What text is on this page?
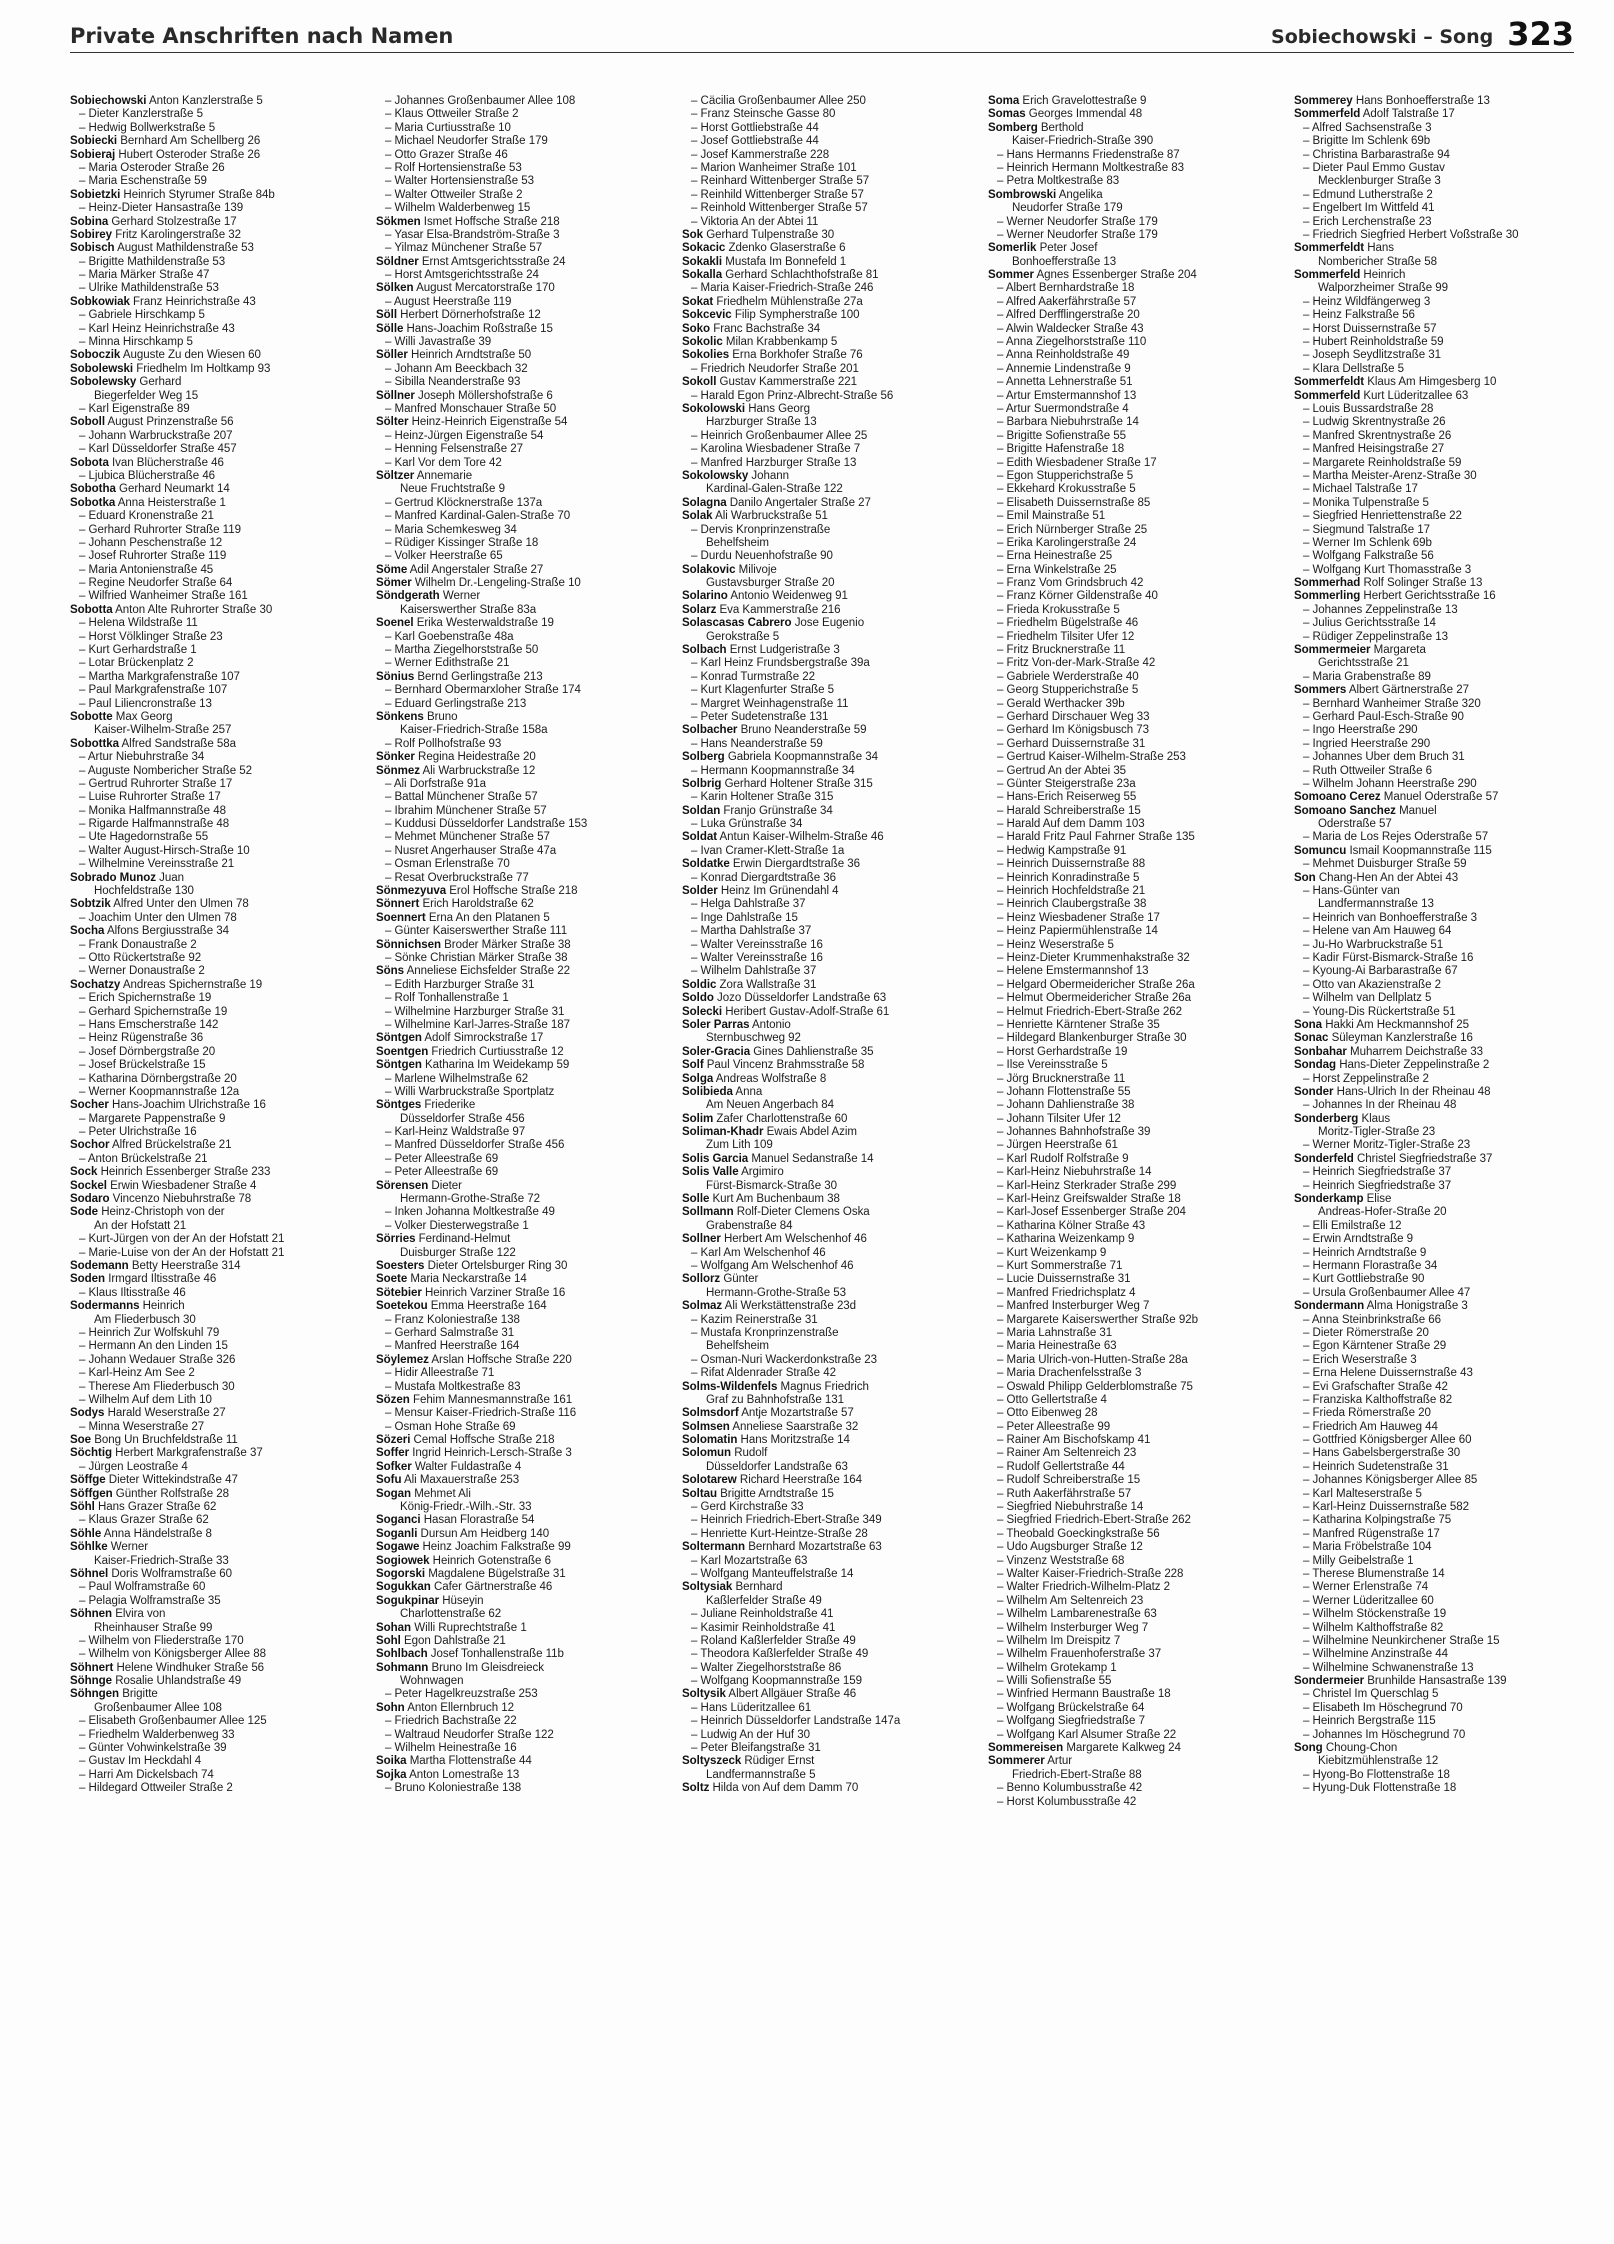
Private Anschriften nach Namen	Sobiechowski – Song 323
Sobiechowski Anton Kanzlerstraße 5
– Dieter Kanzlerstraße 5
– Hedwig Bollwerkstraße 5
Sobiecki Bernhard Am Schellberg 26
Sobieraj Hubert Osteroder Straße 26
– Maria Osteroder Straße 26
– Maria Eschenstraße 59
Sobietzki Heinrich Styrumer Straße 84b
– Heinz-Dieter Hansastraße 139
Sobina Gerhard Stolzestraße 17
Sobirey Fritz Karolingerstraße 32
Sobisch August Mathildenstraße 53
– Brigitte Mathildenstraße 53
– Maria Märker Straße 47
– Ulrike Mathildenstraße 53
Sobkowiak Franz Heinrichstraße 43
– Gabriele Hirschkamp 5
– Karl Heinz Heinrichstraße 43
– Minna Hirschkamp 5
Soboczik Auguste Zu den Wiesen 60
Sobolewski Friedhelm Im Holtkamp 93
Sobolewsky Gerhard
Biegerfelder Weg 15
– Karl Eigenstraße 89
Soboll August Prinzenstraße 56
– Johann Warbruckstraße 207
– Karl Düsseldorfer Straße 457
Sobota Ivan Blücherstraße 46
– Ljubica Blücherstraße 46
Sobotha Gerhard Neumarkt 14
Sobotka Anna Heisterstraße 1
– Eduard Kronenstraße 21
– Gerhard Ruhrorter Straße 119
– Johann Peschenstraße 12
– Josef Ruhrorter Straße 119
– Maria Antonienstraße 45
– Regine Neudorfer Straße 64
– Wilfried Wanheimer Straße 161
Sobotta Anton Alte Ruhrorter Straße 30
– Helena Wildstraße 11
– Horst Völklinger Straße 23
– Kurt Gerhardstraße 1
– Lotar Brückenplatz 2
– Martha Markgrafenstraße 107
– Paul Markgrafenstraße 107
– Paul Liliencronstraße 13
Sobotte Max Georg
Kaiser-Wilhelm-Straße 257
Sobottka Alfred Sandstraße 58a
– Artur Niebuhrstraße 34
– Auguste Nombericher Straße 52
– Gertrud Ruhrorter Straße 17
– Luise Ruhrorter Straße 17
– Monika Halfmannstraße 48
– Rigarde Halfmannstraße 48
– Ute Hagedornstraße 55
– Walter August-Hirsch-Straße 10
– Wilhelmine Vereinsstraße 21
Sobrado Munoz Juan
Hochfeldstraße 130
Sobtzik Alfred Unter den Ulmen 78
– Joachim Unter den Ulmen 78
Socha Alfons Bergiusstraße 34
– Frank Donaustraße 2
– Otto Rückertstraße 92
– Werner Donaustraße 2
Sochatzy Andreas Spichernstraße 19
– Erich Spichernstraße 19
– Gerhard Spichernstraße 19
– Hans Emscherstraße 142
– Heinz Rügenstraße 36
– Josef Dörnbergstraße 20
– Josef Brückelstraße 15
– Katharina Dörnbergstraße 20
– Werner Koopmannstraße 12a
Socher Hans-Joachim Ulrichstraße 16
– Margarete Pappenstraße 9
– Peter Ulrichstraße 16
Sochor Alfred Brückelstraße 21
– Anton Brückelstraße 21
Sock Heinrich Essenberger Straße 233
Sockel Erwin Wiesbadener Straße 4
Sodaro Vincenzo Niebuhrstraße 78
Sode Heinz-Christoph von der
An der Hofstatt 21
– Kurt-Jürgen von der An der Hofstatt 21
– Marie-Luise von der An der Hofstatt 21
Sodemann Betty Heerstraße 314
Soden Irmgard Iltisstraße 46
– Klaus Iltisstraße 46
Sodermanns Heinrich
Am Fliederbusch 30
– Heinrich Zur Wolfskuhl 79
– Hermann An den Linden 15
– Johann Wedauer Straße 326
– Karl-Heinz Am See 2
– Therese Am Fliederbusch 30
– Wilhelm Auf dem Lith 10
Sodys Harald Weserstraße 27
– Minna Weserstraße 27
Soe Bong Un Bruchfeldstraße 11
Söchtig Herbert Markgrafenstraße 37
– Jürgen Leostraße 4
Söffge Dieter Wittekindstraße 47
Söffgen Günther Rolfstraße 28
Söhl Hans Grazer Straße 62
– Klaus Grazer Straße 62
Söhle Anna Händelstraße 8
Söhlke Werner
Kaiser-Friedrich-Straße 33
Söhnel Doris Wolframstraße 60
– Paul Wolframstraße 60
– Pelagia Wolframstraße 35
Söhnen Elvira von
Rheinhauser Straße 99
– Wilhelm von Fliederstraße 170
– Wilhelm von Königsberger Allee 88
Söhnert Helene Windhuker Straße 56
Söhnge Rosalie Uhlandstraße 49
Söhngen Brigitte
Großenbaumer Allee 108
– Elisabeth Großenbaumer Allee 125
– Friedhelm Walderbenweg 33
– Günter Vohwinkelstraße 39
– Gustav Im Heckdahl 4
– Harri Am Dickelsbach 74
– Hildegard Ottweiler Straße 2
– Johannes Großenbaumer Allee 108
– Klaus Ottweiler Straße 2
– Maria Curtiusstraße 10
– Michael Neudorfer Straße 179
– Otto Grazer Straße 46
– Rolf Hortensienstraße 53
– Walter Hortensienstraße 53
– Walter Ottweiler Straße 2
– Wilhelm Walderbenweg 15
Sökmen Ismet Hoffsche Straße 218
– Yasar Elsa-Brandström-Straße 3
– Yilmaz Münchener Straße 57
Söldner Ernst Amtsgerichtsstraße 24
– Horst Amtsgerichtsstraße 24
Sölken August Mercatorstraße 170
– August Heerstraße 119
Söll Herbert Dörnerhofstraße 12
Sölle Hans-Joachim Roßstraße 15
– Willi Javastraße 39
Söller Heinrich Arndtstraße 50
– Johann Am Beeckbach 32
– Sibilla Neanderstraße 93
Söllner Joseph Möllershofstraße 6
– Manfred Monschauer Straße 50
Sölter Heinz-Heinrich Eigenstraße 54
– Heinz-Jürgen Eigenstraße 54
– Henning Felsenstraße 27
– Karl Vor dem Tore 42
Söltzer Annemarie
Neue Fruchtstraße 9
– Gertrud Klöcknerstraße 137a
– Manfred Kardinal-Galen-Straße 70
– Maria Schemkesweg 34
– Rüdiger Kissinger Straße 18
– Volker Heerstraße 65
Söme Adil Angerstaler Straße 27
Sömer Wilhelm Dr.-Lengeling-Straße 10
Söndgerath Werner
Kaiserswerther Straße 83a
Soenel Erika Westerwaldstraße 19
– Karl Goebenstraße 48a
– Martha Ziegelhorststraße 50
– Werner Edithstraße 21
Sönius Bernd Gerlingstraße 213
– Bernhard Obermarxloher Straße 174
– Eduard Gerlingstraße 213
Sönkens Bruno
Kaiser-Friedrich-Straße 158a
– Rolf Pollhofstraße 93
Sönker Regina Heidestraße 20
Sönmez Ali Warbruckstraße 12
– Ali Dorfstraße 91a
– Battal Münchener Straße 57
– Ibrahim Münchener Straße 57
– Kuddusi Düsseldorfer Landstraße 153
– Mehmet Münchener Straße 57
– Nusret Angerhauser Straße 47a
– Osman Erlenstraße 70
– Resat Overbruckstraße 77
Sönmezyuva Erol Hoffsche Straße 218
Sönnert Erich Haroldstraße 62
Soennert Erna An den Platanen 5
– Günter Kaiserswerther Straße 111
Sönnichsen Broder Märker Straße 38
– Sönke Christian Märker Straße 38
Söns Anneliese Eichsfelder Straße 22
– Edith Harzburger Straße 31
– Rolf Tonhallenstraße 1
– Wilhelmine Harzburger Straße 31
– Wilhelmine Karl-Jarres-Straße 187
Söntgen Adolf Simrockstraße 17
Soentgen Friedrich Curtiusstraße 12
Söntgen Katharina Im Weidekamp 59
– Marlene Wilhelmstraße 62
– Willi Warbruckstraße Sportplatz
Söntges Friederike
Düsseldorfer Straße 456
– Karl-Heinz Waldstraße 97
– Manfred Düsseldorfer Straße 456
– Peter Alleestraße 69
– Peter Alleestraße 69
Sörensen Dieter
Hermann-Grothe-Straße 72
– Inken Johanna Moltkestraße 49
– Volker Diesterwegstraße 1
Sörries Ferdinand-Helmut
Duisburger Straße 122
Soesters Dieter Ortelsburger Ring 30
Soete Maria Neckarstraße 14
Sötebier Heinrich Varziner Straße 16
Soetekou Emma Heerstraße 164
– Franz Koloniestraße 138
– Gerhard Salmstraße 31
– Manfred Heerstraße 164
Söylemez Arslan Hoffsche Straße 220
– Hidir Alleestraße 71
– Mustafa Moltkestraße 83
Sözen Fehim Mannesmannstraße 161
– Mensur Kaiser-Friedrich-Straße 116
– Osman Hohe Straße 69
Sözeri Cemal Hoffsche Straße 218
Soffer Ingrid Heinrich-Lersch-Straße 3
Sofker Walter Fuldastraße 4
Sofu Ali Maxauerstraße 253
Sogan Mehmet Ali
König-Friedr.-Wilh.-Str. 33
Soganci Hasan Florastraße 54
Soganli Dursun Am Heidberg 140
Sogawe Heinz Joachim Falkstraße 99
Sogiowek Heinrich Gotenstraße 6
Sogorski Magdalene Bügelstraße 31
Sogukkan Cafer Gärtnerstraße 46
Sogukpinar Hüseyin
Charlottenstraße 62
Sohan Willi Ruprechtstraße 1
Sohl Egon Dahlstraße 21
Sohlbach Josef Tonhallenstraße 11b
Sohmann Bruno Im Gleisdreieck
Wohnwagen
– Peter Hagelkreuzstraße 253
Sohn Anton Ellernbruch 12
– Friedrich Bachstraße 22
– Waltraud Neudorfer Straße 122
– Wilhelm Heinestraße 16
Soika Martha Flottenstraße 44
Sojka Anton Lomestraße 13
– Bruno Koloniestraße 138
– Cäcilia Großenbaumer Allee 250
– Franz Steinsche Gasse 80
– Horst Gottliebstraße 44
– Josef Gottliebstraße 44
– Josef Kammerstraße 228
– Marion Wanheimer Straße 101
– Reinhard Wittenberger Straße 57
– Reinhild Wittenberger Straße 57
– Reinhold Wittenberger Straße 57
– Viktoria An der Abtei 11
Sok Gerhard Tulpenstraße 30
Sokacic Zdenko Glaserstraße 6
Sokakli Mustafa Im Bonnefeld 1
Sokalla Gerhard Schlachthofstraße 81
– Maria Kaiser-Friedrich-Straße 246
Sokat Friedhelm Mühlenstraße 27a
Sokcevic Filip Sympherstraße 100
Soko Franc Bachstraße 34
Sokolic Milan Krabbenkamp 5
Sokolies Erna Borkhofer Straße 76
– Friedrich Neudorfer Straße 201
Sokoll Gustav Kammerstraße 221
– Harald Egon Prinz-Albrecht-Straße 56
Sokolowski Hans Georg
Harzburger Straße 13
– Heinrich Großenbaumer Allee 25
– Karolina Wiesbadener Straße 7
– Manfred Harzburger Straße 13
Sokolowsky Johann
Kardinal-Galen-Straße 122
Solagna Danilo Angertaler Straße 27
Solak Ali Warbruckstraße 51
– Dervis Kronprinzenstraße
Behelfsheim
– Durdu Neuenhofstraße 90
Solakovic Milivoje
Gustavsburger Straße 20
Solarino Antonio Weidenweg 91
Solarz Eva Kammerstraße 216
Solascasas Cabrero Jose Eugenio
Gerokstraße 5
Solbach Ernst Ludgeristraße 3
– Karl Heinz Frundsbergstraße 39a
– Konrad Turmstraße 22
– Kurt Klagenfurter Straße 5
– Margret Weinhagenstraße 11
– Peter Sudetenstraße 131
Solbacher Bruno Neanderstraße 59
– Hans Neanderstraße 59
Solberg Gabriela Koopmannstraße 34
– Hermann Koopmannstraße 34
Solbrig Gerhard Holtener Straße 315
– Karin Holtener Straße 315
Soldan Franjo Grünstraße 34
– Luka Grünstraße 34
Soldat Antun Kaiser-Wilhelm-Straße 46
– Ivan Cramer-Klett-Straße 1a
Soldatke Erwin Diergardtstraße 36
– Konrad Diergardtstraße 36
Solder Heinz Im Grünendahl 4
– Helga Dahlstraße 37
– Inge Dahlstraße 15
– Martha Dahlstraße 37
– Walter Vereinsstraße 16
– Walter Vereinsstraße 16
– Wilhelm Dahlstraße 37
Soldic Zora Wallstraße 31
Soldo Jozo Düsseldorfer Landstraße 63
Solecki Heribert Gustav-Adolf-Straße 61
Soler Parras Antonio
Sternbuschweg 92
Soler-Gracia Gines Dahlienstraße 35
Solf Paul Vincenz Brahmsstraße 58
Solga Andreas Wolfstraße 8
Solibieda Anna
Am Neuen Angerbach 84
Solim Zafer Charlottenstraße 60
Soliman-Khadr Ewais Abdel Azim
Zum Lith 109
Solis Garcia Manuel Sedanstraße 14
Solis Valle Argimiro
Fürst-Bismarck-Straße 30
Solle Kurt Am Buchenbaum 38
Sollmann Rolf-Dieter Clemens Oska
Grabenstraße 84
Sollner Herbert Am Welschenhof 46
– Karl Am Welschenhof 46
– Wolfgang Am Welschenhof 46
Sollorz Günter
Hermann-Grothe-Straße 53
Solmaz Ali Werkstättenstraße 23d
– Kazim Reinerstraße 31
– Mustafa Kronprinzenstraße
Behelfsheim
– Osman-Nuri Wackerdonkstraße 23
– Rifat Aldenrader Straße 42
Solms-Wildenfels Magnus Friedrich
Graf zu Bahnhofstraße 131
Solmsdorf Antje Mozartstraße 57
Solmsen Anneliese Saarstraße 32
Solomatin Hans Moritzstraße 14
Solomun Rudolf
Düsseldorfer Landstraße 63
Solotarew Richard Heerstraße 164
Soltau Brigitte Arndtstraße 15
– Gerd Kirchstraße 33
– Heinrich Friedrich-Ebert-Straße 349
– Henriette Kurt-Heintze-Straße 28
Soltermann Bernhard Mozartstraße 63
– Karl Mozartstraße 63
– Wolfgang Manteuffelstraße 14
Soltysiak Bernhard
Kaßlerfelder Straße 49
– Juliane Reinholdstraße 41
– Kasimir Reinholdstraße 41
– Roland Kaßlerfelder Straße 49
– Theodora Kaßlerfelder Straße 49
– Walter Ziegelhorststraße 86
– Wolfgang Koopmannstraße 159
Soltysik Albert Allgäuer Straße 46
– Hans Lüderitzallee 61
– Heinrich Düsseldorfer Landstraße 147a
– Ludwig An der Huf 30
– Peter Bleifangstraße 31
Soltyszeck Rüdiger Ernst
Landfermannstraße 5
Soltz Hilda von Auf dem Damm 70
Soma Erich Gravelottestraße 9
Somas Georges Immendal 48
Somberg Berthold
Kaiser-Friedrich-Straße 390
– Hans Hermanns Friedenstraße 87
– Heinrich Hermann Moltkestraße 83
– Petra Moltkestraße 83
Sombrowski Angelika
Neudorfer Straße 179
– Werner Neudorfer Straße 179
– Werner Neudorfer Straße 179
Somerlik Peter Josef
Bonhoefferstraße 13
Sommer Agnes Essenberger Straße 204
– Albert Bernhardstraße 18
– Alfred Aakerfährstraße 57
– Alfred Derfflingerstraße 20
– Alwin Waldecker Straße 43
– Anna Ziegelhorststraße 110
– Anna Reinholdstraße 49
– Annemie Lindenstraße 9
– Annetta Lehnerstraße 51
– Artur Emstermannshof 13
– Artur Suermondstraße 4
– Barbara Niebuhrstraße 14
– Brigitte Sofienstraße 55
– Brigitte Hafenstraße 18
– Edith Wiesbadener Straße 17
– Egon Stupperichstraße 5
– Ekkehard Krokusstraße 5
– Elisabeth Duissernstraße 85
– Emil Mainstraße 51
– Erich Nürnberger Straße 25
– Erika Karolingerstraße 24
– Erna Heinestraße 25
– Erna Winkelstraße 25
– Franz Vom Grindsbruch 42
– Franz Körner Gildenstraße 40
– Frieda Krokusstraße 5
– Friedhelm Bügelstraße 46
– Friedhelm Tilsiter Ufer 12
– Fritz Brucknerstraße 11
– Fritz Von-der-Mark-Straße 42
– Gabriele Werderstraße 40
– Georg Stupperichstraße 5
– Gerald Werthacker 39b
– Gerhard Dirschauer Weg 33
– Gerhard Im Königsbusch 73
– Gerhard Duissernstraße 31
– Gertrud Kaiser-Wilhelm-Straße 253
– Gertrud An der Abtei 35
– Günter Steigerstraße 23a
– Hans-Erich Reiserweg 55
– Harald Schreiberstraße 15
– Harald Auf dem Damm 103
– Harald Fritz Paul Fahrner Straße 135
– Hedwig Kampstraße 91
– Heinrich Duissernstraße 88
– Heinrich Konradinstraße 5
– Heinrich Hochfeldstraße 21
– Heinrich Claubergstraße 38
– Heinz Wiesbadener Straße 17
– Heinz Papiermühlenstraße 14
– Heinz Weserstraße 5
– Heinz-Dieter Krummenhakstraße 32
– Helene Emstermannshof 13
– Helgard Obermeidericher Straße 26a
– Helmut Obermeidericher Straße 26a
– Helmut Friedrich-Ebert-Straße 262
– Henriette Kärntener Straße 35
– Hildegard Blankenburger Straße 30
– Horst Gerhardstraße 19
– Ilse Vereinsstraße 5
– Jörg Brucknerstraße 11
– Johann Flottenstraße 55
– Johann Dahlienstraße 38
– Johann Tilsiter Ufer 12
– Johannes Bahnhofstraße 39
– Jürgen Heerstraße 61
– Karl Rudolf Rolfstraße 9
– Karl-Heinz Niebuhrstraße 14
– Karl-Heinz Sterkrader Straße 299
– Karl-Heinz Greifswalder Straße 18
– Karl-Josef Essenberger Straße 204
– Katharina Kölner Straße 43
– Katharina Weizenkamp 9
– Kurt Weizenkamp 9
– Kurt Sommerstraße 71
– Lucie Duissernstraße 31
– Manfred Friedrichsplatz 4
– Manfred Insterburger Weg 7
– Margarete Kaiserswerther Straße 92b
– Maria Lahnstraße 31
– Maria Heinestraße 63
– Maria Ulrich-von-Hutten-Straße 28a
– Maria Drachenfelsstraße 3
– Oswald Philipp Gelderblomstraße 75
– Otto Gellertstraße 4
– Otto Eibenweg 28
– Peter Alleestraße 99
– Rainer Am Bischofskamp 41
– Rainer Am Seltenreich 23
– Rudolf Gellertstraße 44
– Rudolf Schreiberstraße 15
– Ruth Aakerfährstraße 57
– Siegfried Niebuhrstraße 14
– Siegfried Friedrich-Ebert-Straße 262
– Theobald Goeckingkstraße 56
– Udo Augsburger Straße 12
– Vinzenz Weststraße 68
– Walter Kaiser-Friedrich-Straße 228
– Walter Friedrich-Wilhelm-Platz 2
– Wilhelm Am Seltenreich 23
– Wilhelm Lambarenestraße 63
– Wilhelm Insterburger Weg 7
– Wilhelm Im Dreispitz 7
– Wilhelm Frauenhoferstraße 37
– Wilhelm Grotekamp 1
– Willi Sofienstraße 55
– Winfried Hermann Baustraße 18
– Wolfgang Brückelstraße 64
– Wolfgang Siegfriedstraße 7
– Wolfgang Karl Alsumer Straße 22
Sommereisen Margarete Kalkweg 24
Sommerer Artur
Friedrich-Ebert-Straße 88
– Benno Kolumbusstraße 42
– Horst Kolumbusstraße 42
Sommerey Hans Bonhoefferstraße 13
Sommerfeld Adolf Talstraße 17
– Alfred Sachsenstraße 3
– Brigitte Im Schlenk 69b
– Christina Barbarastraße 94
– Dieter Paul Emmo Gustav
Mecklenburger Straße 3
– Edmund Lutherstraße 2
– Engelbert Im Wittfeld 41
– Erich Lerchenstraße 23
– Friedrich Siegfried Herbert Voßstraße 30
Sommerfeldt Hans
Nombericher Straße 58
Sommerfeld Heinrich
Walporzheimer Straße 99
– Heinz Wildfängerweg 3
– Heinz Falkstraße 56
– Horst Duissernstraße 57
– Hubert Reinholdstraße 59
– Joseph Seydlitzstraße 31
– Klara Dellstraße 5
Sommerfeldt Klaus Am Himgesberg 10
Sommerfeld Kurt Lüderitzallee 63
– Louis Bussardstraße 28
– Ludwig Skrentnystraße 26
– Manfred Skrentnystraße 26
– Manfred Heisingstraße 27
– Margarete Reinholdstraße 59
– Martha Meister-Arenz-Straße 30
– Michael Talstraße 17
– Monika Tulpenstraße 5
– Siegfried Henriettenstraße 22
– Siegmund Talstraße 17
– Werner Im Schlenk 69b
– Wolfgang Falkstraße 56
– Wolfgang Kurt Thomasstraße 3
Sommerhad Rolf Solinger Straße 13
Sommerling Herbert Gerichtsstraße 16
– Johannes Zeppelinstraße 13
– Julius Gerichtsstraße 14
– Rüdiger Zeppelinstraße 13
Sommermeier Margareta
Gerichtsstraße 21
– Maria Grabenstraße 89
Sommers Albert Gärtnerstraße 27
– Bernhard Wanheimer Straße 320
– Gerhard Paul-Esch-Straße 90
– Ingo Heerstraße 290
– Ingried Heerstraße 290
– Johannes Über dem Bruch 31
– Ruth Ottweiler Straße 6
– Wilhelm Johann Heerstraße 290
Somoano Cerez Manuel Oderstraße 57
Somoano Sanchez Manuel
Oderstraße 57
– Maria de Los Rejes Oderstraße 57
Somuncu Ismail Koopmannstraße 115
– Mehmet Duisburger Straße 59
Son Chang-Hen An der Abtei 43
– Hans-Günter van
Landfermannstraße 13
– Heinrich van Bonhoefferstraße 3
– Helene van Am Hauweg 64
– Ju-Ho Warbruckstraße 51
– Kadir Fürst-Bismarck-Straße 16
– Kyoung-Ai Barbarastraße 67
– Otto van Akazienstraße 2
– Wilhelm van Dellplatz 5
– Young-Dis Rückertstraße 51
Sona Hakki Am Heckmannshof 25
Sonac Süleyman Kanzlerstraße 16
Sonbahar Muharrem Deichstraße 33
Sondag Hans-Dieter Zeppelinstraße 2
– Horst Zeppelinstraße 2
Sonder Hans-Ulrich In der Rheinau 48
– Johannes In der Rheinau 48
Sonderberg Klaus
Moritz-Tigler-Straße 23
– Werner Moritz-Tigler-Straße 23
Sonderfeld Christel Siegfriedstraße 37
– Heinrich Siegfriedstraße 37
– Heinrich Siegfriedstraße 37
Sonderkamp Elise
Andreas-Hofer-Straße 20
– Elli Emilstraße 12
– Erwin Arndtstraße 9
– Heinrich Arndtstraße 9
– Hermann Florastraße 34
– Kurt Gottliebstraße 90
– Ursula Großenbaumer Allee 47
Sondermann Alma Honigstraße 3
– Anna Steinbrinkstraße 66
– Dieter Römerstraße 20
– Egon Kärntener Straße 29
– Erich Weserstraße 3
– Erna Helene Duissernstraße 43
– Evi Grafschafter Straße 42
– Franziska Kalthoffstraße 82
– Frieda Römerstraße 20
– Friedrich Am Hauweg 44
– Gottfried Königsberger Allee 60
– Hans Gabelsbergerstraße 30
– Heinrich Sudetenstraße 31
– Johannes Königsberger Allee 85
– Karl Malteserstraße 5
– Karl-Heinz Duissernstraße 582
– Katharina Kolpingstraße 75
– Manfred Rügenstraße 17
– Maria Fröbelstraße 104
– Milly Geibelstraße 1
– Therese Blumenstraße 14
– Werner Erlenstraße 74
– Werner Lüderitzallee 60
– Wilhelm Stöckenstraße 19
– Wilhelm Kalthoffstraße 82
– Wilhelmine Neunkirchener Straße 15
– Wilhelmine Anzinstraße 44
– Wilhelmine Schwanenstraße 13
Sondermeier Brunhilde Hansastraße 139
– Christel Im Querschlag 5
– Elisabeth Im Höschegrund 70
– Heinrich Bergstraße 115
– Johannes Im Höschegrund 70
Song Choung-Chon
Kiebitzmühlenstraße 12
– Hyong-Bo Flottenstraße 18
– Hyung-Duk Flottenstraße 18
